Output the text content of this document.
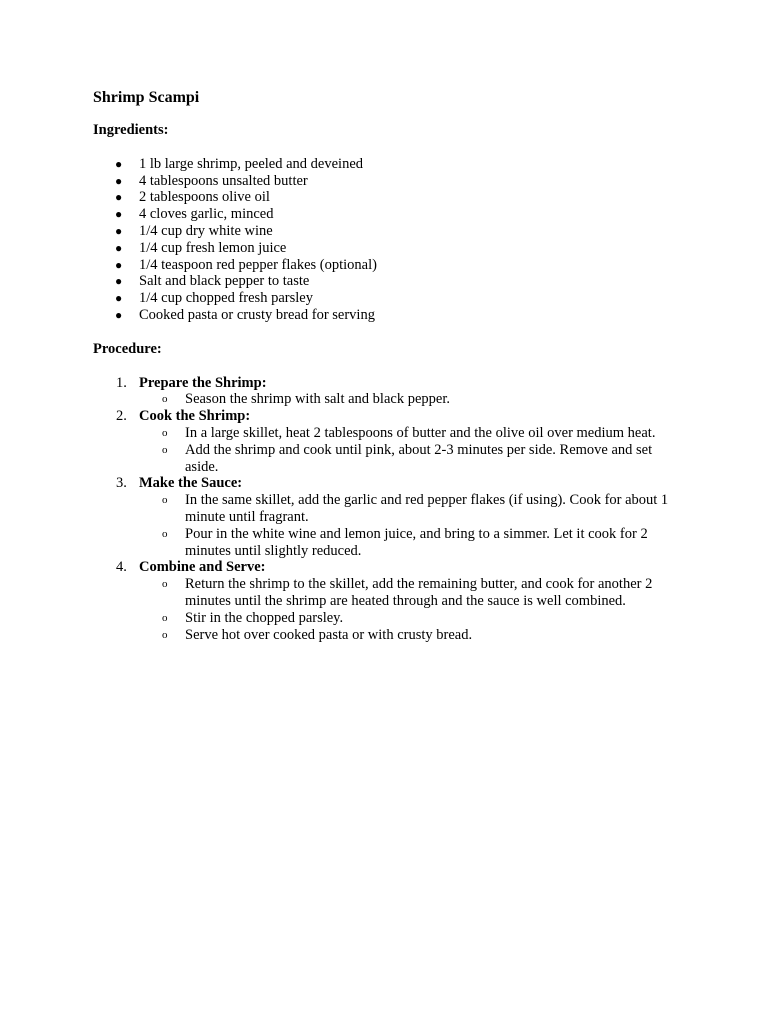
Shrimp Scampi
Ingredients:
● 1 lb large shrimp, peeled and deveined
● 4 tablespoons unsalted butter
● 2 tablespoons olive oil
● 4 cloves garlic, minced
● 1/4 cup dry white wine
● 1/4 cup fresh lemon juice
● 1/4 teaspoon red pepper flakes (optional)
● Salt and black pepper to taste
● 1/4 cup chopped fresh parsley
● Cooked pasta or crusty bread for serving
Procedure:
1. Prepare the Shrimp:
o Season the shrimp with salt and black pepper.
2. Cook the Shrimp:
o In a large skillet, heat 2 tablespoons of butter and the olive oil over medium heat.
o Add the shrimp and cook until pink, about 2-3 minutes per side. Remove and set aside.
3. Make the Sauce:
o In the same skillet, add the garlic and red pepper flakes (if using). Cook for about 1 minute until fragrant.
o Pour in the white wine and lemon juice, and bring to a simmer. Let it cook for 2 minutes until slightly reduced.
4. Combine and Serve:
o Return the shrimp to the skillet, add the remaining butter, and cook for another 2 minutes until the shrimp are heated through and the sauce is well combined.
o Stir in the chopped parsley.
o Serve hot over cooked pasta or with crusty bread.
